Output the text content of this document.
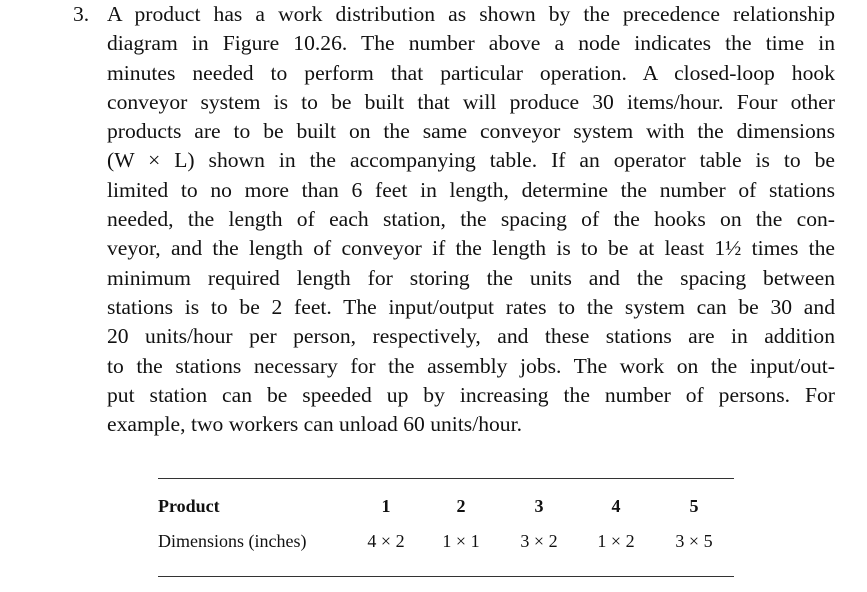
3. A product has a work distribution as shown by the precedence relationship
diagram in Figure 10.26. The number above a node indicates the time in
minutes needed to perform that particular operation. A closed-loop hook
conveyor system is to be built that will produce 30 items/hour. Four other
products are to be built on the same conveyor system with the dimensions
(W × L) shown in the accompanying table. If an operator table is to be
limited to no more than 6 feet in length, determine the number of stations
needed, the length of each station, the spacing of the hooks on the con-
veyor, and the length of conveyor if the length is to be at least 1½ times the
minimum required length for storing the units and the spacing between
stations is to be 2 feet. The input/output rates to the system can be 30 and
20 units/hour per person, respectively, and these stations are in addition
to the stations necessary for the assembly jobs. The work on the input/out-
put station can be speeded up by increasing the number of persons. For
example, two workers can unload 60 units/hour.
Product	1	2	3	4	5
Dimensions (inches)	4 × 2	1 × 1	3 × 2	1 × 2	3 × 5
